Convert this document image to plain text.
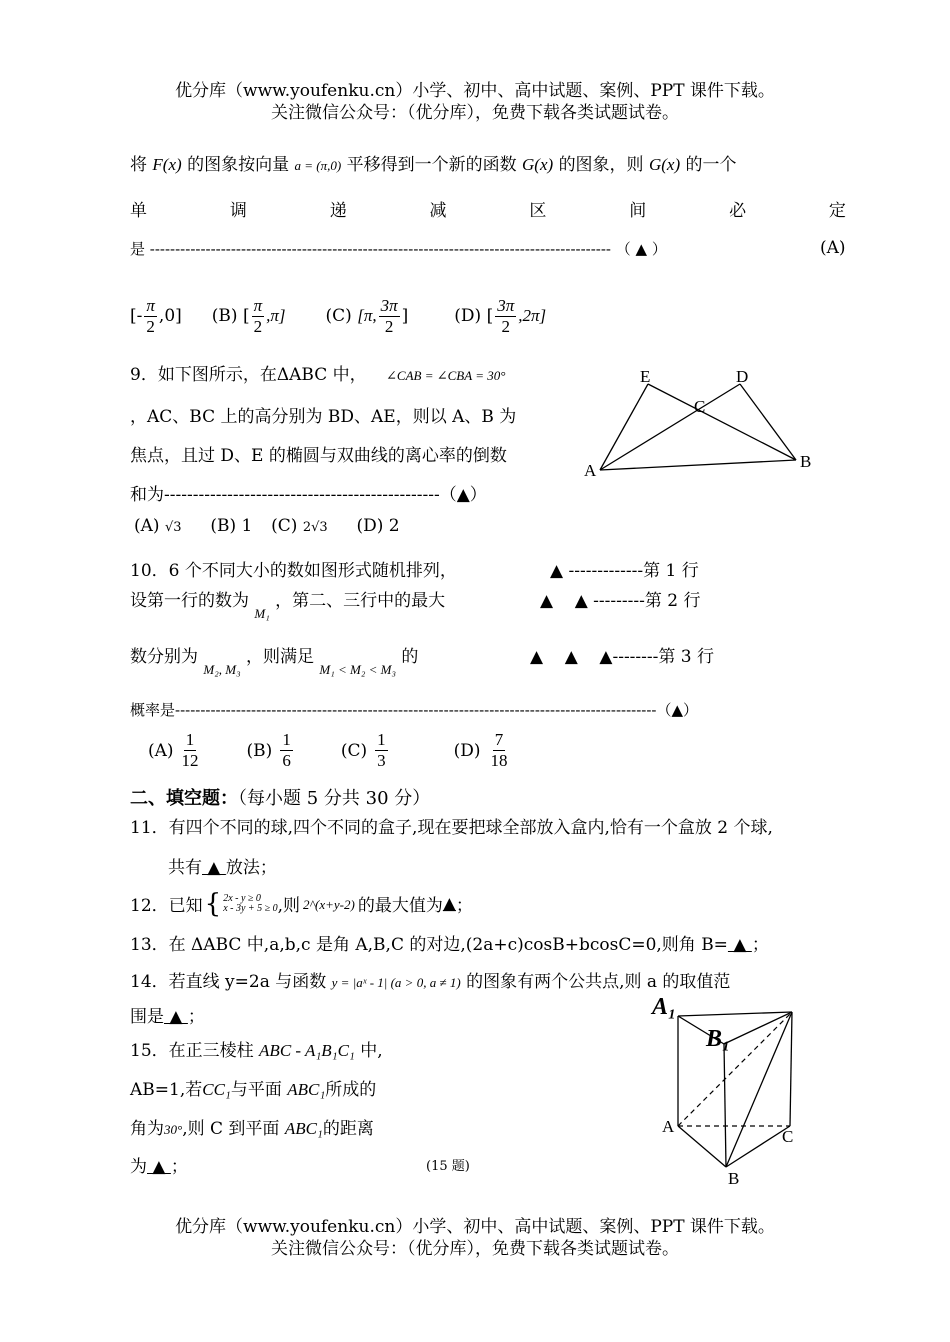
优分库（www.youfenku.cn）小学、初中、高中试题、案例、PPT 课件下载。
关注微信公众号：（优分库），免费下载各类试题试卷。
将 F(x) 的图象按向量 a = (π,0) 平移得到一个新的函数 G(x) 的图象，则 G(x) 的一个
单	调	递	减	区	间	必	定
是 ------------------------------------------------------------------------------------------- （ ▲ ）	(A)
[- $\frac{\pi}{2} ,0$] (B) [ $\frac{\pi}{2} ,\pi$] (C) [π, $\frac{3\pi}{2}$ ]	(D) [ $\frac{3\pi}{2} ,2\pi$]
9．如下图所示，在ΔABC 中， ∠CAB = ∠CBA = 30°
，AC、BC 上的高分别为 BD、AE，则以 A、B 为
焦点，且过 D、E 的椭圆与双曲线的离心率的倒数
和为------------------------------------------------（▲）
(A) √3 (B) 1 (C) 2√3 (D) 2
E	D
C
A	B
10．6 个不同大小的数如图形式随机排列，
设第一行的数为 $_{M_1}$ ，第二、三行中的最大
数分别为 $_{M_2, M_3}$ ，则满足 $_{M_1 < M_2 < M_3}$ 的
▲ -------------第 1 行
▲    ▲ ---------第 2 行
▲    ▲    ▲--------第 3 行
概率是-----------------------------------------------------------------------------------------------（▲）
$(A) \frac{1}{12}$	$(B) \frac{1}{6}$	$(C) \frac{1}{3}$	$(D) \frac{7}{18}$
二、填空题：（每小题 5 分共 30 分）
11．有四个不同的球,四个不同的盒子,现在要把球全部放入盒内,恰有一个盒放 2 个球,
共有 ▲ 放法；
12．已知 { 2x - y ≥ 0
x - 3y + 5 ≥ 0 ,则 2^(x+y-2) 的最大值为 ▲ ；
13．在 ΔABC 中,a,b,c 是角 A,B,C 的对边,(2a+c)cosB+bcosC=0,则角 B= ▲ ；
14．若直线 y=2a 与函数 y = |aˣ - 1| (a > 0, a ≠ 1) 的图象有两个公共点,则 a 的取值范
围是 ▲ ；
15．在正三棱柱 ABC - A₁B₁C₁ 中,
AB=1,若CC₁与平面 ABC₁所成的
角为30°,则 C 到平面 ABC₁的距离
为 ▲ ；	(15 题)
A₁
B₁
A
C
B
优分库（www.youfenku.cn）小学、初中、高中试题、案例、PPT 课件下载。
关注微信公众号：（优分库），免费下载各类试题试卷。
